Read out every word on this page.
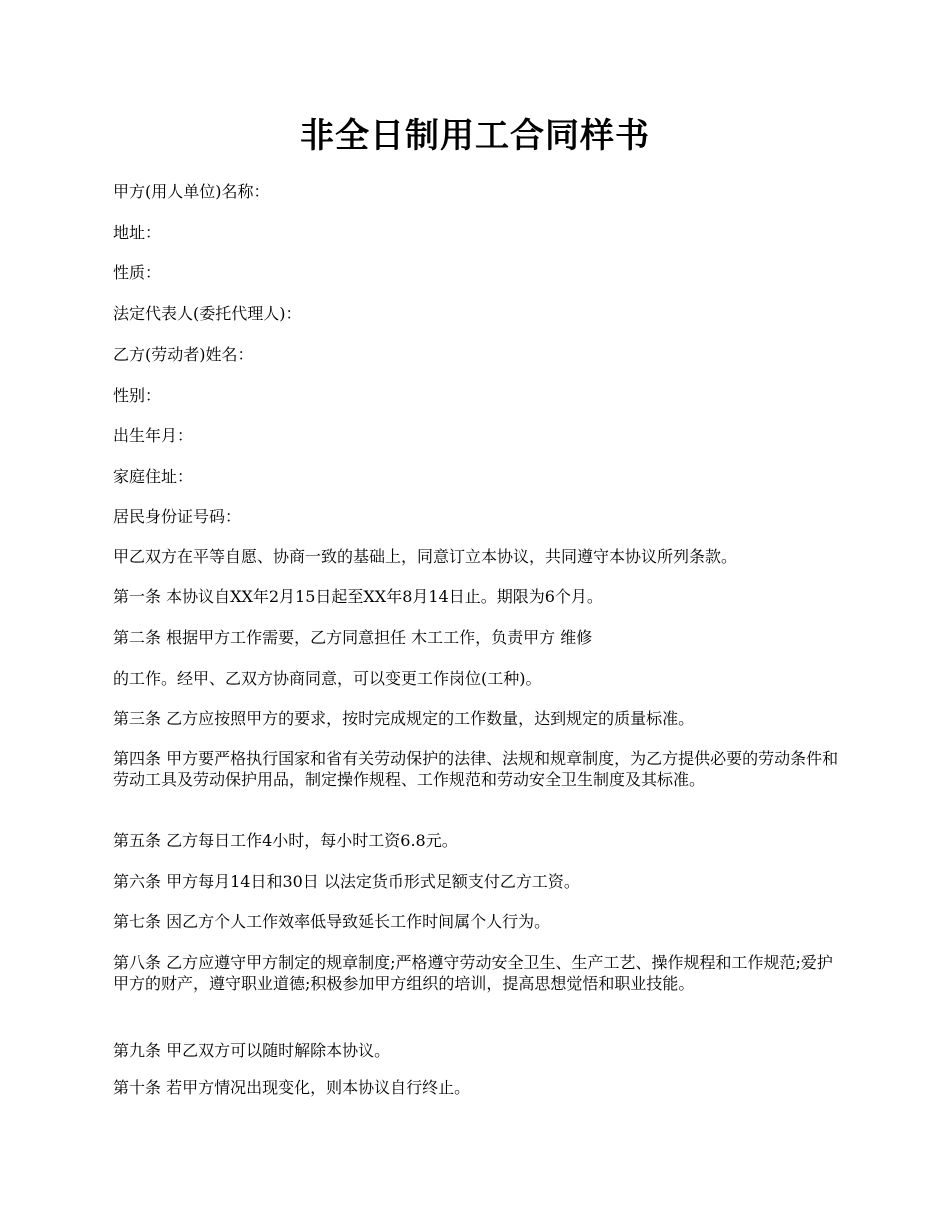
非全日制用工合同样书
甲方(用人单位)名称：
地址：
性质：
法定代表人(委托代理人)：
乙方(劳动者)姓名：
性别：
出生年月：
家庭住址：
居民身份证号码：
甲乙双方在平等自愿、协商一致的基础上，同意订立本协议，共同遵守本协议所列条款。
第一条 本协议自XX年2月15日起至XX年8月14日止。期限为6个月。
第二条 根据甲方工作需要，乙方同意担任 木工工作，负责甲方 维修
的工作。经甲、乙双方协商同意，可以变更工作岗位(工种)。
第三条 乙方应按照甲方的要求，按时完成规定的工作数量，达到规定的质量标准。
第四条 甲方要严格执行国家和省有关劳动保护的法律、法规和规章制度，为乙方提供必要的劳动条件和劳动工具及劳动保护用品，制定操作规程、工作规范和劳动安全卫生制度及其标准。
第五条 乙方每日工作4小时，每小时工资6.8元。
第六条 甲方每月14日和30日 以法定货币形式足额支付乙方工资。
第七条 因乙方个人工作效率低导致延长工作时间属个人行为。
第八条 乙方应遵守甲方制定的规章制度;严格遵守劳动安全卫生、生产工艺、操作规程和工作规范;爱护甲方的财产，遵守职业道德;积极参加甲方组织的培训，提高思想觉悟和职业技能。
第九条 甲乙双方可以随时解除本协议。
第十条 若甲方情况出现变化，则本协议自行终止。
